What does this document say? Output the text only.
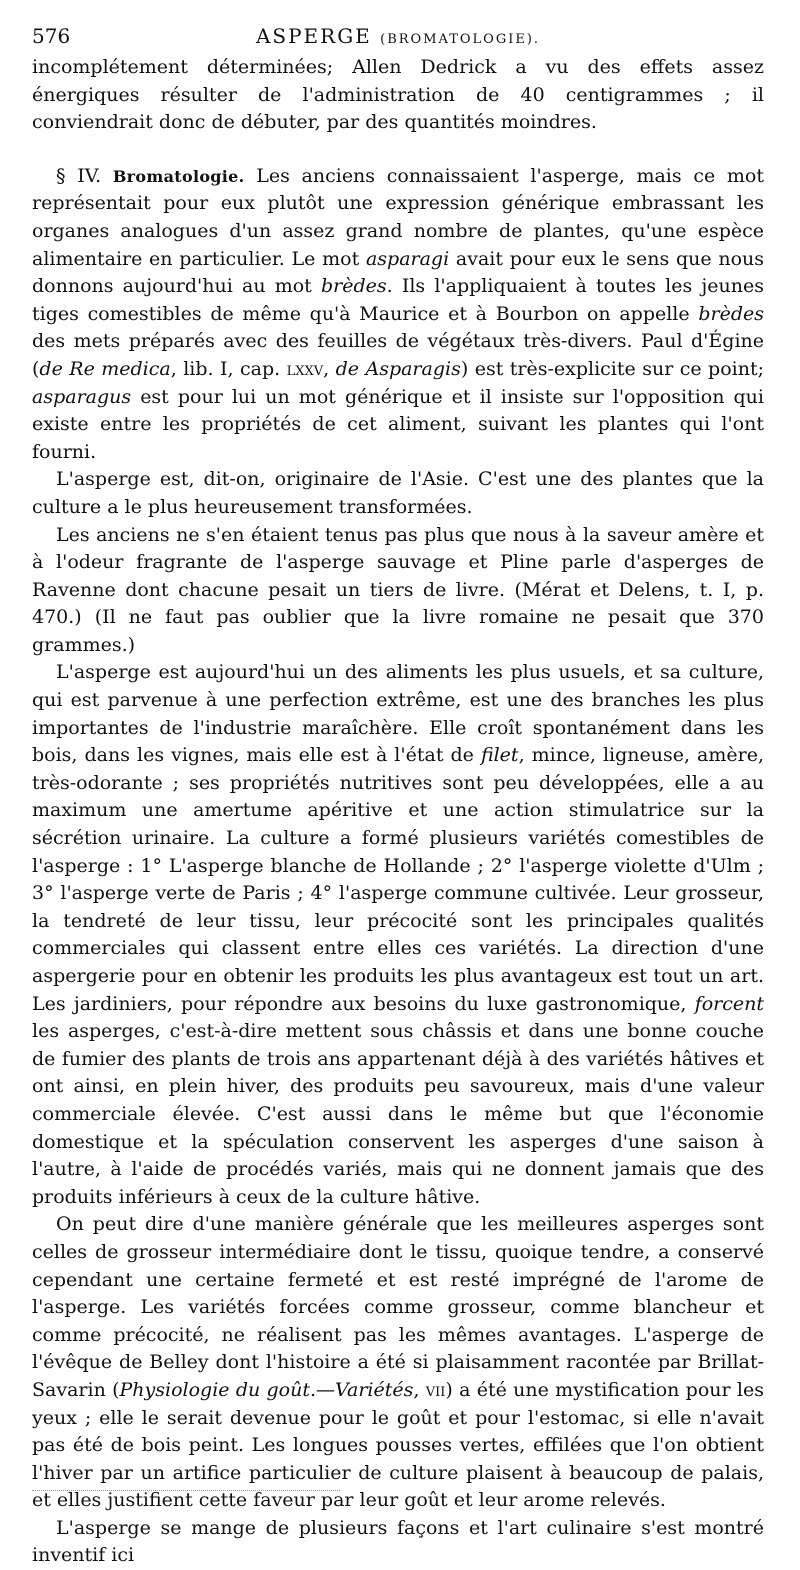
576	ASPERGE (BROMATOLOGIE).

incomplétement déterminées; Allen Dedrick a vu des effets assez énergiques résulter de l'administration de 40 centigrammes ; il conviendrait donc de débuter, par des quantités moindres.

§ IV. Bromatologie. Les anciens connaissaient l'asperge, mais ce mot représentait pour eux plutôt une expression générique embrassant les organes analogues d'un assez grand nombre de plantes, qu'une espèce alimentaire en particulier. Le mot asparagi avait pour eux le sens que nous donnons aujourd'hui au mot brèdes. Ils l'appliquaient à toutes les jeunes tiges comestibles de même qu'à Maurice et à Bourbon on appelle brèdes des mets préparés avec des feuilles de végétaux très-divers. Paul d'Égine (de Re medica, lib. I, cap. lxxv, de Asparagis) est très-explicite sur ce point; asparagus est pour lui un mot générique et il insiste sur l'opposition qui existe entre les propriétés de cet aliment, suivant les plantes qui l'ont fourni.

L'asperge est, dit-on, originaire de l'Asie. C'est une des plantes que la culture a le plus heureusement transformées.

Les anciens ne s'en étaient tenus pas plus que nous à la saveur amère et à l'odeur fragrante de l'asperge sauvage et Pline parle d'asperges de Ravenne dont chacune pesait un tiers de livre. (Mérat et Delens, t. I, p. 470.) (Il ne faut pas oublier que la livre romaine ne pesait que 370 grammes.)

L'asperge est aujourd'hui un des aliments les plus usuels, et sa culture, qui est parvenue à une perfection extrême, est une des branches les plus importantes de l'industrie maraîchère. Elle croît spontanément dans les bois, dans les vignes, mais elle est à l'état de filet, mince, ligneuse, amère, très-odorante ; ses propriétés nutritives sont peu développées, elle a au maximum une amertume apéritive et une action stimulatrice sur la sécrétion urinaire. La culture a formé plusieurs variétés comestibles de l'asperge : 1° L'asperge blanche de Hollande ; 2° l'asperge violette d'Ulm ; 3° l'asperge verte de Paris ; 4° l'asperge commune cultivée. Leur grosseur, la tendreté de leur tissu, leur précocité sont les principales qualités commerciales qui classent entre elles ces variétés. La direction d'une aspergerie pour en obtenir les produits les plus avantageux est tout un art. Les jardiniers, pour répondre aux besoins du luxe gastronomique, forcent les asperges, c'est-à-dire mettent sous châssis et dans une bonne couche de fumier des plants de trois ans appartenant déjà à des variétés hâtives et ont ainsi, en plein hiver, des produits peu savoureux, mais d'une valeur commerciale élevée. C'est aussi dans le même but que l'économie domestique et la spéculation conservent les asperges d'une saison à l'autre, à l'aide de procédés variés, mais qui ne donnent jamais que des produits inférieurs à ceux de la culture hâtive.

On peut dire d'une manière générale que les meilleures asperges sont celles de grosseur intermédiaire dont le tissu, quoique tendre, a conservé cependant une certaine fermeté et est resté imprégné de l'arome de l'asperge. Les variétés forcées comme grosseur, comme blancheur et comme précocité, ne réalisent pas les mêmes avantages. L'asperge de l'évêque de Belley dont l'histoire a été si plaisamment racontée par Brillat-Savarin (Physiologie du goût.—Variétés, vii) a été une mystification pour les yeux ; elle le serait devenue pour le goût et pour l'estomac, si elle n'avait pas été de bois peint. Les longues pousses vertes, effilées que l'on obtient l'hiver par un artifice particulier de culture plaisent à beaucoup de palais, et elles justifient cette faveur par leur goût et leur arome relevés.

L'asperge se mange de plusieurs façons et l'art culinaire s'est montré inventif ici
